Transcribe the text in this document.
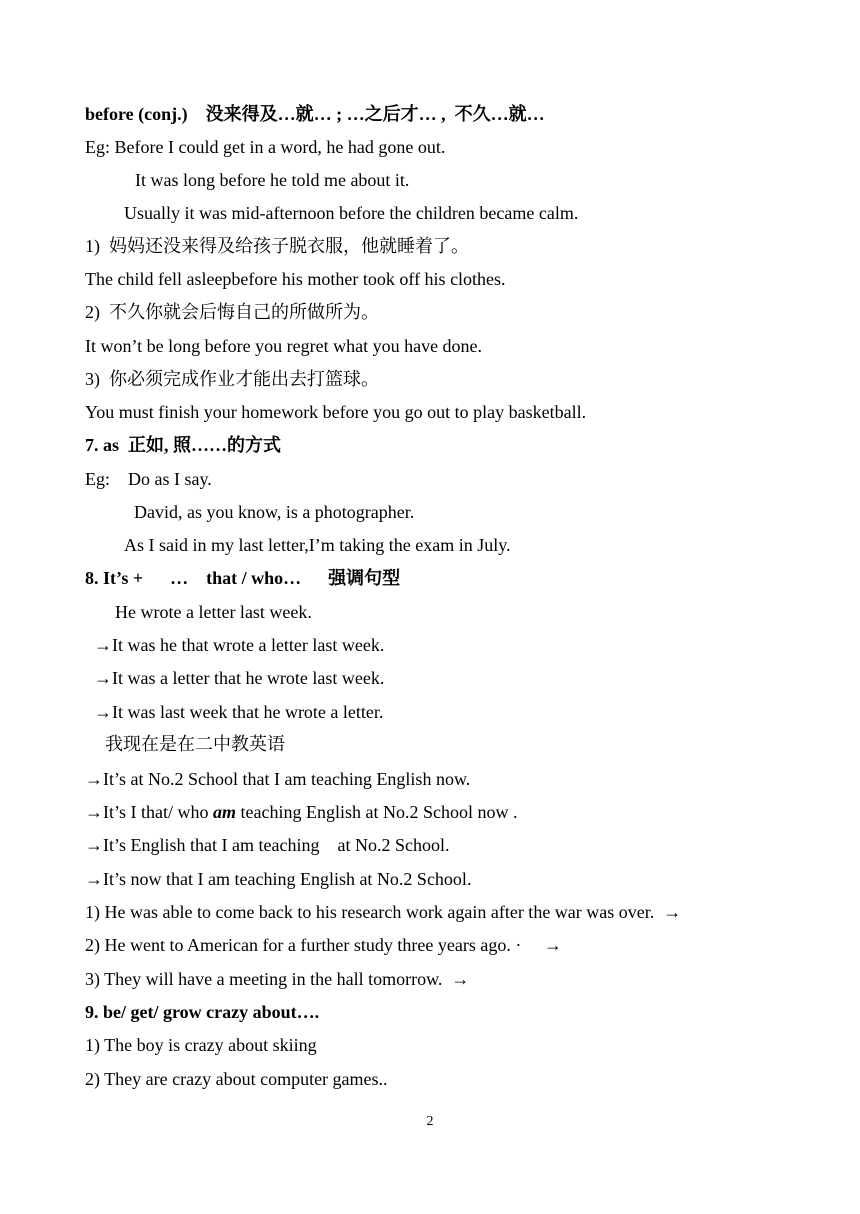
before (conj.)    没来得及…就… ; …之后才… ,  不久…就…
Eg: Before I could get in a word, he had gone out.
It was long before he told me about it.
Usually it was mid-afternoon before the children became calm.
1)  妈妈还没来得及给孩子脱衣服，他就睡着了。
The child fell asleepbefore his mother took off his clothes.
2)  不久你就会后悔自己的所做所为。
It won’t be long before you regret what you have done.
3)  你必须完成作业才能出去打篮球。
You must finish your homework before you go out to play basketball.
7. as  正如, 照……的方式
Eg:    Do as I say.
David, as you know, is a photographer.
As I said in my last letter,I’m taking the exam in July.
8. It’s +      …    that / who…      强调句型
He wrote a letter last week.
→It was he that wrote a letter last week.
→It was a letter that he wrote last week.
→It was last week that he wrote a letter.
我现在是在二中教英语
→It’s at No.2 School that I am teaching English now.
→It’s I that/ who am teaching English at No.2 School now .
→It’s English that I am teaching    at No.2 School.
→It’s now that I am teaching English at No.2 School.
1) He was able to come back to his research work again after the war was over.  →
2) He went to American for a further study three years ago. ·     →
3) They will have a meeting in the hall tomorrow.  →
9. be/ get/ grow crazy about….
1) The boy is crazy about skiing
2) They are crazy about computer games..
2
